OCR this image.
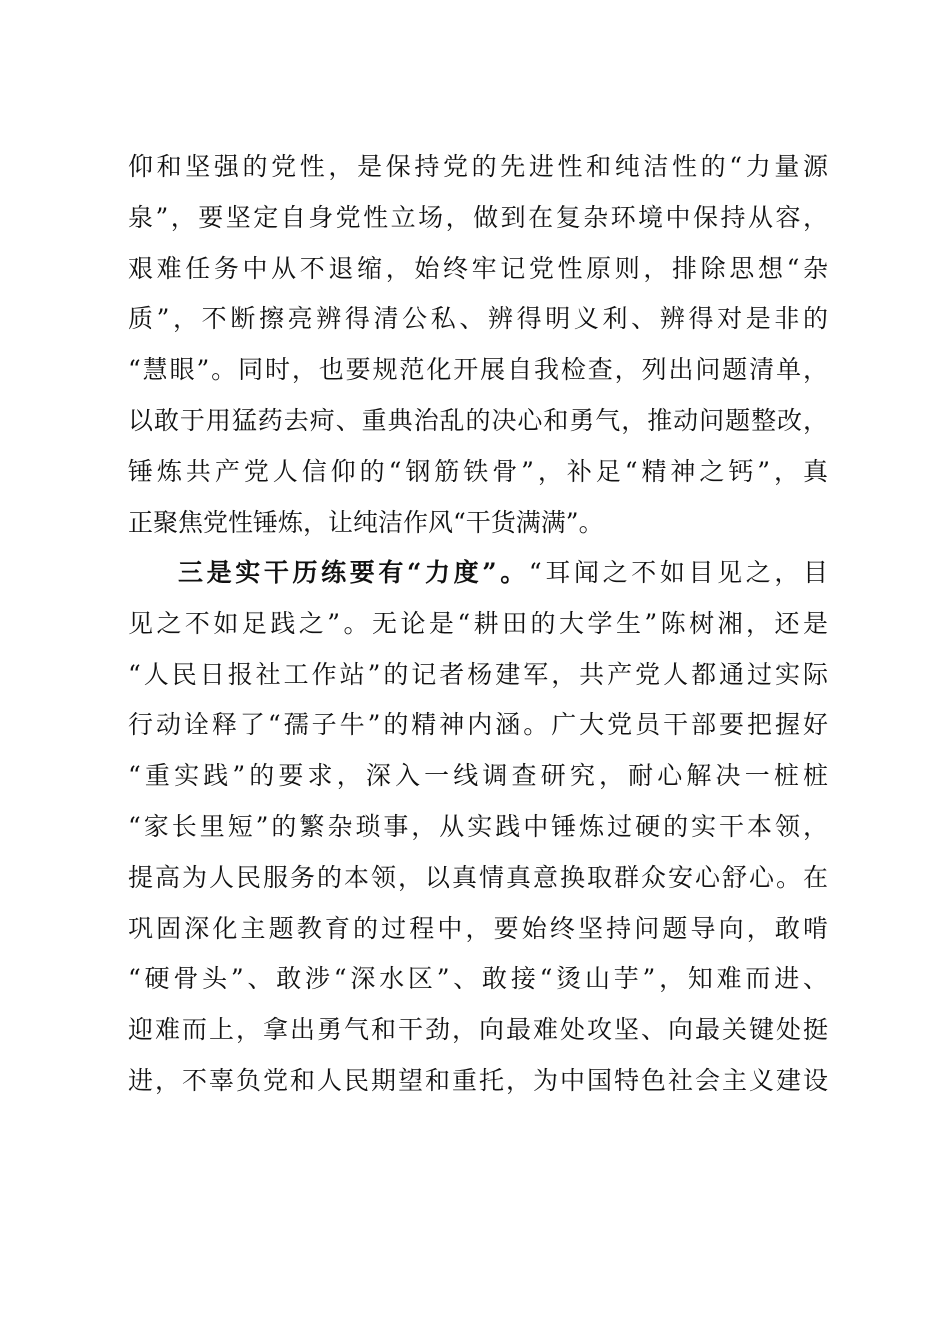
仰和坚强的党性，是保持党的先进性和纯洁性的“力量源
泉”，要坚定自身党性立场，做到在复杂环境中保持从容，
艰难任务中从不退缩，始终牢记党性原则，排除思想“杂
质”，不断擦亮辨得清公私、辨得明义利、辨得对是非的
“慧眼”。同时，也要规范化开展自我检查，列出问题清单，
以敢于用猛药去疴、重典治乱的决心和勇气，推动问题整改，
锤炼共产党人信仰的“钢筋铁骨”，补足“精神之钙”，真
正聚焦党性锤炼，让纯洁作风“干货满满”。
三是实干历练要有“力度”。“耳闻之不如目见之，目
见之不如足践之”。无论是“耕田的大学生”陈树湘，还是
“人民日报社工作站”的记者杨建军，共产党人都通过实际
行动诠释了“孺子牛”的精神内涵。广大党员干部要把握好
“重实践”的要求，深入一线调查研究，耐心解决一桩桩
“家长里短”的繁杂琐事，从实践中锤炼过硬的实干本领，
提高为人民服务的本领，以真情真意换取群众安心舒心。在
巩固深化主题教育的过程中，要始终坚持问题导向，敢啃
“硬骨头”、敢涉“深水区”、敢接“烫山芋”，知难而进、
迎难而上，拿出勇气和干劲，向最难处攻坚、向最关键处挺
进，不辜负党和人民期望和重托，为中国特色社会主义建设
